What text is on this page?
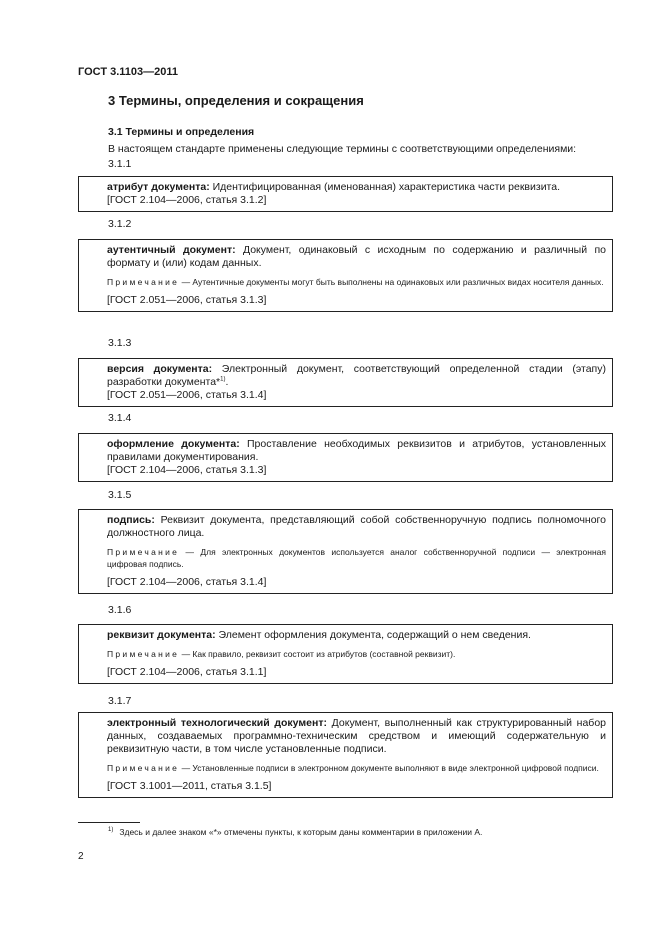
ГОСТ 3.1103—2011
3 Термины, определения и сокращения
3.1 Термины и определения
В настоящем стандарте применены следующие термины с соответствующими определениями:
3.1.1

атрибут документа: Идентифицированная (именованная) характеристика части реквизита.

[ГОСТ 2.104—2006, статья 3.1.2]

3.1.2

аутентичный документ: Документ, одинаковый с исходным по содержанию и различный по формату и (или) кодам данных.

Примечание — Аутентичные документы могут быть выполнены на одинаковых или различных видах носителя данных.

[ГОСТ 2.051—2006, статья 3.1.3]

3.1.3

версия документа: Электронный документ, соответствующий определенной стадии (этапу) разработки документа*$^{1)}$.

[ГОСТ 2.051—2006, статья 3.1.4]

3.1.4

оформление документа: Проставление необходимых реквизитов и атрибутов, установленных правилами документирования.

[ГОСТ 2.104—2006, статья 3.1.3]

3.1.5

подпись: Реквизит документа, представляющий собой собственноручную подпись полномочного должностного лица.

Примечание — Для электронных документов используется аналог собственноручной подписи — электронная цифровая подпись.

[ГОСТ 2.104—2006, статья 3.1.4]

3.1.6

реквизит документа: Элемент оформления документа, содержащий о нем сведения.

Примечание — Как правило, реквизит состоит из атрибутов (составной реквизит).

[ГОСТ 2.104—2006, статья 3.1.1]

3.1.7

электронный технологический документ: Документ, выполненный как структурированный набор данных, создаваемых программно-техническим средством и имеющий содержательную и реквизитную части, в том числе установленные подписи.

Примечание — Установленные подписи в электронном документе выполняют в виде электронной цифровой подписи.

[ГОСТ 3.1001—2011, статья 3.1.5]

$^{1)}$ Здесь и далее знаком «*» отмечены пункты, к которым даны комментарии в приложении А.
2
